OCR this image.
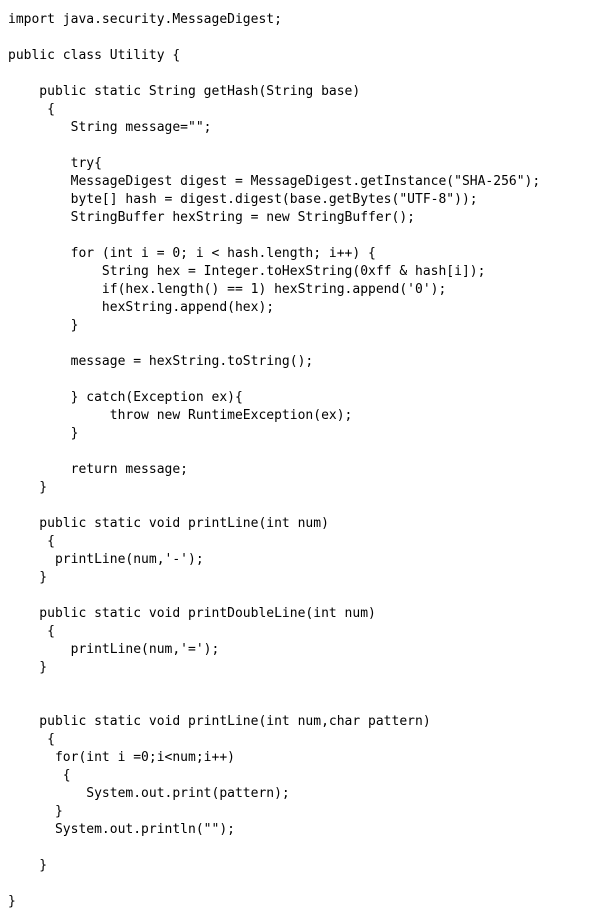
import java.security.MessageDigest;
public class Utility {
public static String getHash(String base)
{
String message="";
try{
MessageDigest digest = MessageDigest.getInstance("SHA-256");
byte[] hash = digest.digest(base.getBytes("UTF-8"));
StringBuffer hexString = new StringBuffer();
for (int i = 0; i < hash.length; i++) {
String hex = Integer.toHexString(0xff & hash[i]);
if(hex.length() == 1) hexString.append('0');
hexString.append(hex);
}
message = hexString.toString();
} catch(Exception ex){
throw new RuntimeException(ex);
}
return message;
}
public static void printLine(int num)
{
printLine(num,'-');
}
public static void printDoubleLine(int num)
{
printLine(num,'=');
}
public static void printLine(int num,char pattern)
{
for(int i =0;i<num;i++)
{
System.out.print(pattern);
}
System.out.println("");
}
}
